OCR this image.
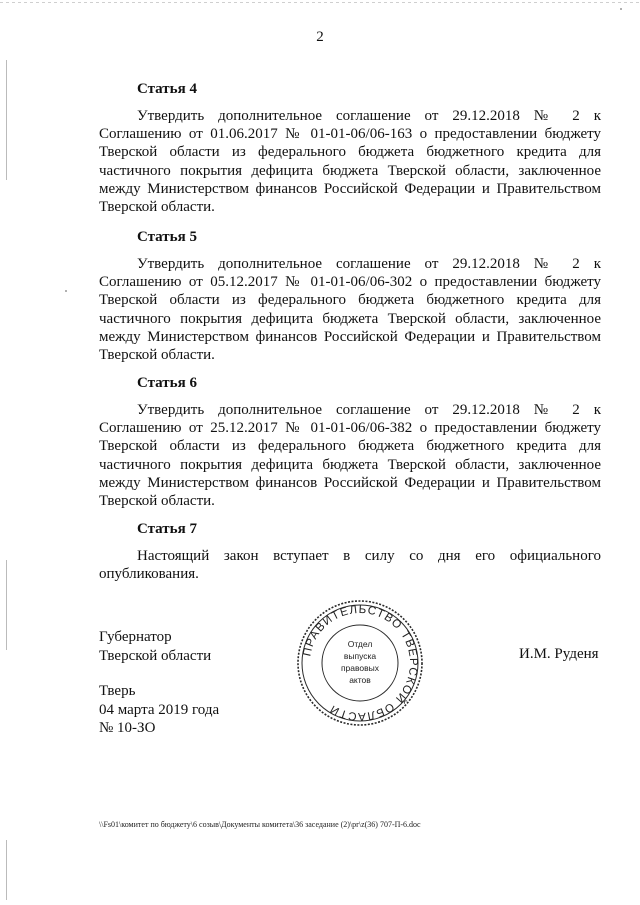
2

Статья 4

Утвердить дополнительное соглашение от 29.12.2018 № 2 к Соглашению от 01.06.2017 № 01-01-06/06-163 о предоставлении бюджету Тверской области из федерального бюджета бюджетного кредита для частичного покрытия дефицита бюджета Тверской области, заключенное между Министерством финансов Российской Федерации и Правительством Тверской области.

Статья 5

Утвердить дополнительное соглашение от 29.12.2018 № 2 к Соглашению от 05.12.2017 № 01-01-06/06-302 о предоставлении бюджету Тверской области из федерального бюджета бюджетного кредита для частичного покрытия дефицита бюджета Тверской области, заключенное между Министерством финансов Российской Федерации и Правительством Тверской области.

Статья 6

Утвердить дополнительное соглашение от 29.12.2018 № 2 к Соглашению от 25.12.2017 № 01-01-06/06-382 о предоставлении бюджету Тверской области из федерального бюджета бюджетного кредита для частичного покрытия дефицита бюджета Тверской области, заключенное между Министерством финансов Российской Федерации и Правительством Тверской области.

Статья 7

Настоящий закон вступает в силу со дня его официального опубликования.

Губернатор
Тверской области	И.М. Руденя
Тверь
04 марта 2019 года
№ 10-ЗО
ПРАВИТЕЛЬСТВО ТВЕРСКОЙ ОБЛАСТИ
Отдел
выпуска
правовых
актов
\\Fs01\комитет по бюджету\6 созыв\Документы комитета\36 заседание (2)\pr\z(36) 707-П-6.doc
